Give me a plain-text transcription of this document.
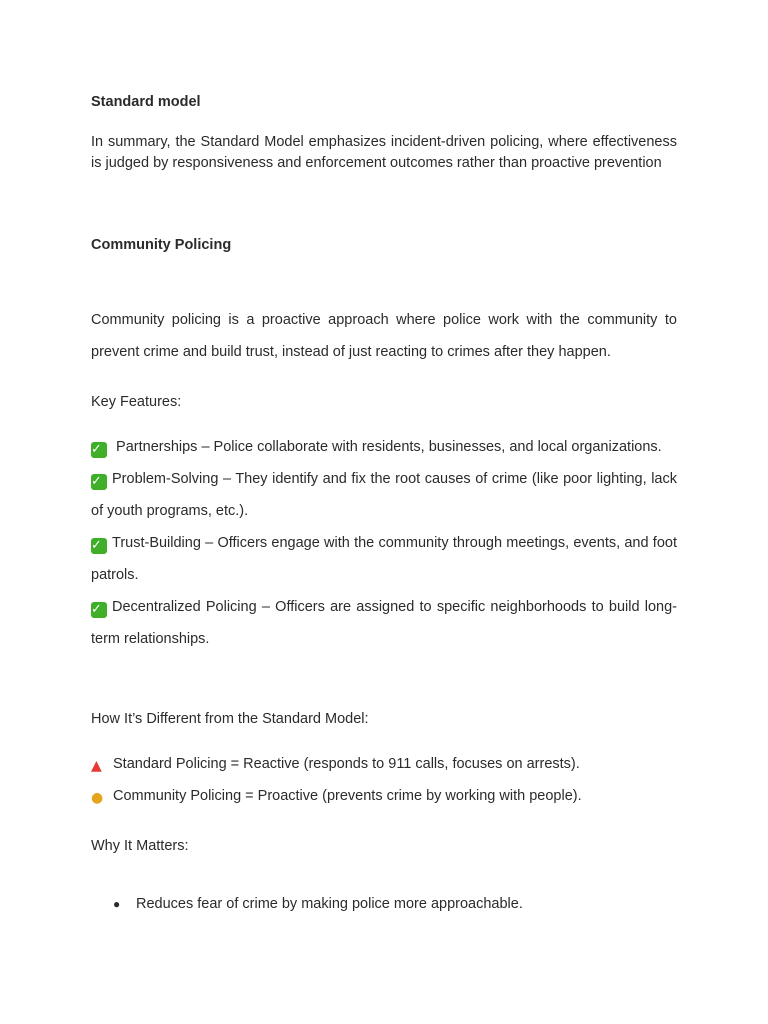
Standard model

In summary, the Standard Model emphasizes incident-driven policing, where effectiveness is judged by responsiveness and enforcement outcomes rather than proactive prevention

Community Policing

Community policing is a proactive approach where police work with the community to prevent crime and build trust, instead of just reacting to crimes after they happen.

Key Features:

✓ Partnerships – Police collaborate with residents, businesses, and local organizations.

✓ Problem-Solving – They identify and fix the root causes of crime (like poor lighting, lack of youth programs, etc.).

✓ Trust-Building – Officers engage with the community through meetings, events, and foot patrols.

✓ Decentralized Policing – Officers are assigned to specific neighborhoods to build long-term relationships.

How It’s Different from the Standard Model:

▲ Standard Policing = Reactive (responds to 911 calls, focuses on arrests).

● Community Policing = Proactive (prevents crime by working with people).

Why It Matters:

● Reduces fear of crime by making police more approachable.
